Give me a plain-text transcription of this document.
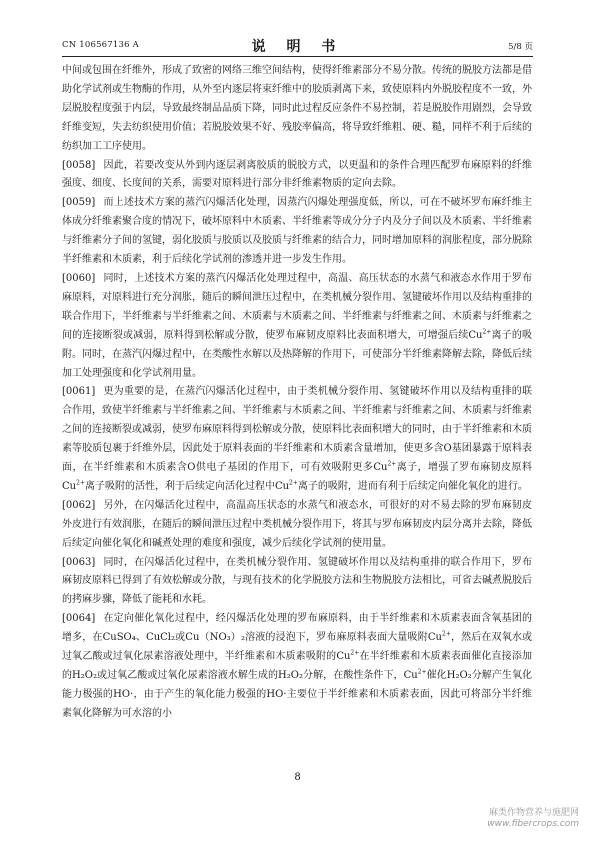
CN 106567136 A	说 明 书	5/8 页

中间或包围在纤维外，形成了致密的网络三维空间结构，使得纤维素部分不易分散。传统的脱胶方法都是借助化学试剂或生物酶的作用，从外至内逐层将束纤维中的胶质剥离下来，致使原料内外脱胶程度不一致，外层脱胶程度强于内层，导致最终制品品质下降，同时此过程反应条件不易控制，若是脱胶作用剧烈，会导致纤维变短，失去纺织使用价值；若脱胶效果不好、残胶率偏高，将导致纤维粗、硬、糙，同样不利于后续的纺织加工工序使用。

[0058] 因此，若要改变从外到内逐层剥离胶质的脱胶方式，以更温和的条件合理匹配罗布麻原料的纤维强度、细度、长度间的关系，需要对原料进行部分非纤维素物质的定向去除。

[0059] 而上述技术方案的蒸汽闪爆活化处理，因蒸汽闪爆处理强度低，所以，可在不破坏罗布麻纤维主体成分纤维素聚合度的情况下，破坏原料中木质素、半纤维素等成分分子内及分子间以及木质素、半纤维素与纤维素分子间的氢键，弱化胶质与胶质以及胶质与纤维素的结合力，同时增加原料的润胀程度，部分脱除半纤维素和木质素，利于后续化学试剂的渗透并进一步发生作用。

[0060] 同时，上述技术方案的蒸汽闪爆活化处理过程中，高温、高压状态的水蒸气和液态水作用于罗布麻原料，对原料进行充分润胀，随后的瞬间泄压过程中，在类机械分裂作用、氢键破坏作用以及结构重排的联合作用下，半纤维素与半纤维素之间、木质素与木质素之间、半纤维素与纤维素之间、木质素与纤维素之间的连接断裂或减弱，原料得到松解或分散，使罗布麻韧皮原料比表面积增大，可增强后续$Cu^{2+}$离子的吸附。同时，在蒸汽闪爆过程中，在类酸性水解以及热降解的作用下，可使部分半纤维素降解去除，降低后续加工处理强度和化学试剂用量。

[0061] 更为重要的是，在蒸汽闪爆活化过程中，由于类机械分裂作用、氢键破坏作用以及结构重排的联合作用，致使半纤维素与半纤维素之间、半纤维素与木质素之间、半纤维素与纤维素之间、木质素与纤维素之间的连接断裂或减弱，使罗布麻原料得到松解或分散，使原料比表面积增大的同时，由于半纤维素和木质素等胶质包裹于纤维外层，因此处于原料表面的半纤维素和木质素含量增加，使更多含O基团暴露于原料表面，在半纤维素和木质素含O供电子基团的作用下，可有效吸附更多$Cu^{2+}$离子，增强了罗布麻韧皮原料$Cu^{2+}$离子吸附的活性，利于后续定向活化过程中$Cu^{2+}$离子的吸附，进而有利于后续定向催化氧化的进行。

[0062] 另外，在闪爆活化过程中，高温高压状态的水蒸气和液态水，可很好的对不易去除的罗布麻韧皮外皮进行有效润胀，在随后的瞬间泄压过程中类机械分裂作用下，将其与罗布麻韧皮内层分离并去除，降低后续定向催化氧化和碱煮处理的难度和强度，减少后续化学试剂的使用量。

[0063] 同时，在闪爆活化过程中，在类机械分裂作用、氢键破坏作用以及结构重排的联合作用下，罗布麻韧皮原料已得到了有效松解或分散，与现有技术的化学脱胶方法和生物脱胶方法相比，可省去碱煮脱胶后的拷麻步骤，降低了能耗和水耗。

[0064] 在定向催化氧化过程中，经闪爆活化处理的罗布麻原料，由于半纤维素和木质素表面含氧基团的增多，在CuSO₄、CuCl₂或Cu（NO₃）₂溶液的浸泡下，罗布麻原料表面大量吸附$Cu^{2+}$，然后在双氧水或过氧乙酸或过氧化尿素溶液处理中，半纤维素和木质素吸附的$Cu^{2+}$在半纤维素和木质素表面催化直接添加的H₂O₂或过氧乙酸或过氧化尿素溶液水解生成的H₂O₂分解，在酸性条件下，$Cu^{2+}$催化H₂O₂分解产生氧化能力极强的HO·，由于产生的氧化能力极强的HO·主要位于半纤维素和木质素表面，因此可将部分半纤维素氧化降解为可水溶的小

8
麻类作物营养与施肥网
www.fibercrops.com
